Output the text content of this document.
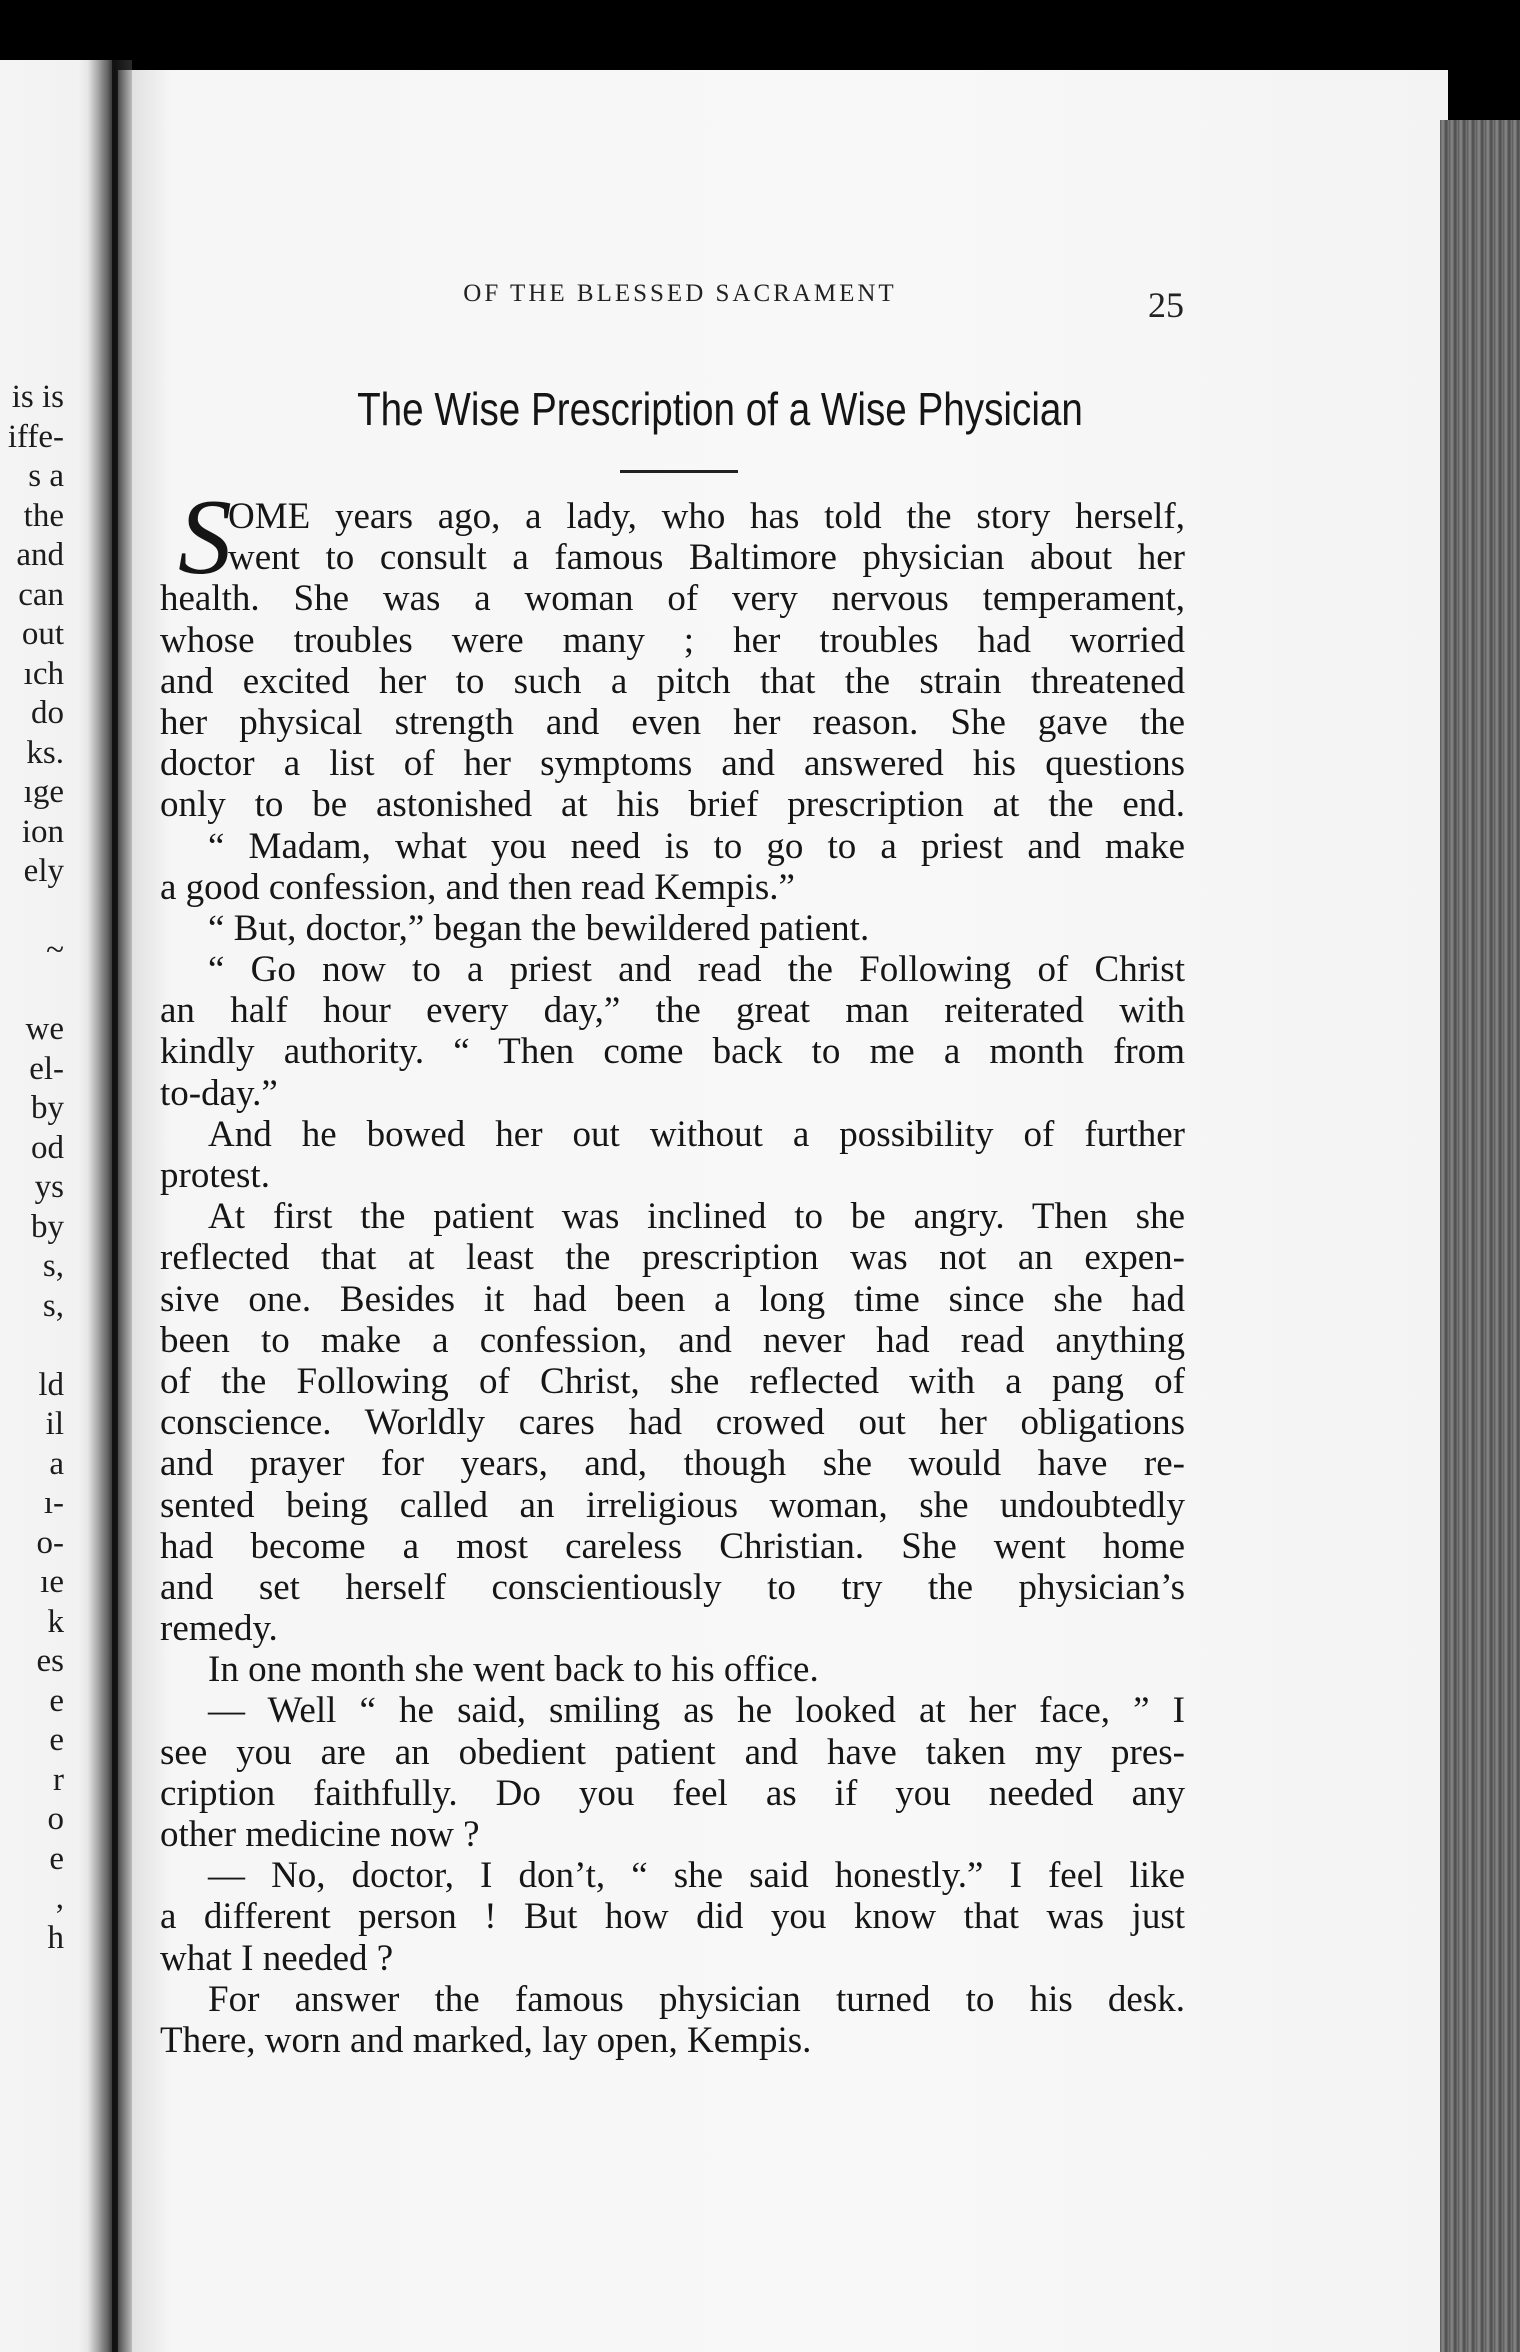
is is
iffe-
s a
the
and
can
out
ıch
do
ks.
ıge
ion
ely
~
we
el-
by
od
ys
by
s,
s,
ld
il
a
ı-
o-
ıe
k
es
e
e
r
o
e
,
h
OF THE BLESSED SACRAMENT	25
The Wise Prescription of a Wise Physician
S
OME years ago, a lady, who has told the story herself,
went to consult a famous Baltimore physician about her
health. She was a woman of very nervous temperament,
whose troubles were many ; her troubles had worried
and excited her to such a pitch that the strain threatened
her physical strength and even her reason. She gave the
doctor a list of her symptoms and answered his questions
only to be astonished at his brief prescription at the end.
“ Madam, what you need is to go to a priest and make
a good confession, and then read Kempis.”
“ But, doctor,” began the bewildered patient.
“ Go now to a priest and read the Following of Christ
an half hour every day,” the great man reiterated with
kindly authority. “ Then come back to me a month from
to-day.”
And he bowed her out without a possibility of further
protest.
At first the patient was inclined to be angry. Then she
reflected that at least the prescription was not an expen-
sive one. Besides it had been a long time since she had
been to make a confession, and never had read anything
of the Following of Christ, she reflected with a pang of
conscience. Worldly cares had crowed out her obligations
and prayer for years, and, though she would have re-
sented being called an irreligious woman, she undoubtedly
had become a most careless Christian. She went home
and set herself conscientiously to try the physician’s
remedy.
In one month she went back to his office.
— Well “ he said, smiling as he looked at her face, ” I
see you are an obedient patient and have taken my pres-
cription faithfully. Do you feel as if you needed any
other medicine now ?
— No, doctor, I don’t, “ she said honestly.” I feel like
a different person ! But how did you know that was just
what I needed ?
For answer the famous physician turned to his desk.
There, worn and marked, lay open, Kempis.
